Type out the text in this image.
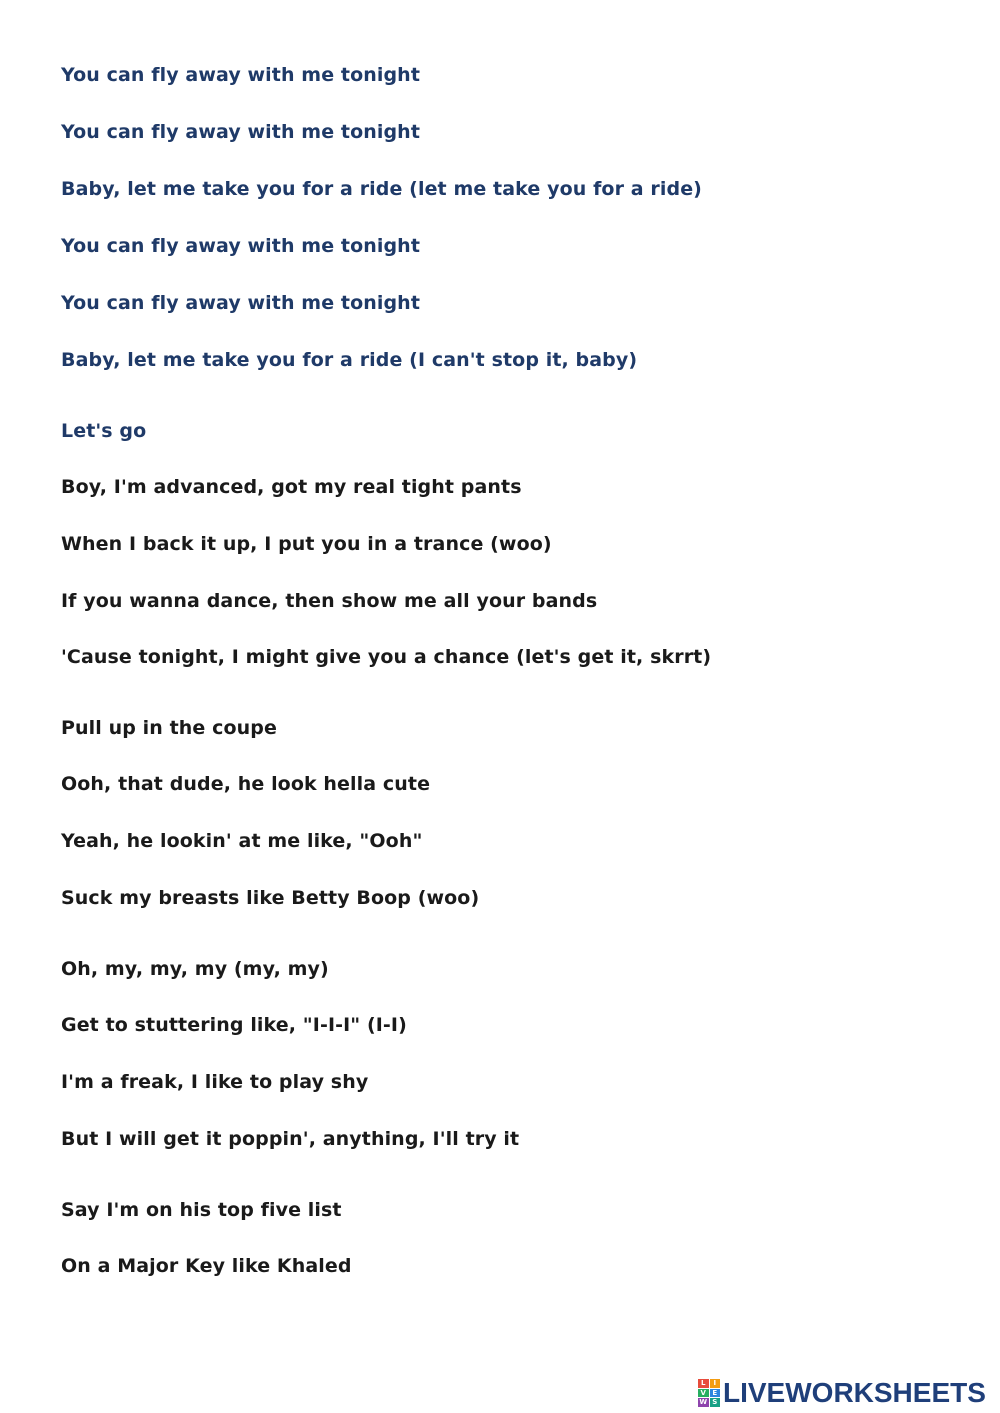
You can fly away with me tonight
You can fly away with me tonight
Baby, let me take you for a ride (let me take you for a ride)
You can fly away with me tonight
You can fly away with me tonight
Baby, let me take you for a ride (I can't stop it, baby)
Let's go
Boy, I'm advanced, got my real tight pants
When I back it up, I put you in a trance (woo)
If you wanna dance, then show me all your bands
'Cause tonight, I might give you a chance (let's get it, skrrt)
Pull up in the coupe
Ooh, that dude, he look hella cute
Yeah, he lookin' at me like, "Ooh"
Suck my breasts like Betty Boop (woo)
Oh, my, my, my (my, my)
Get to stuttering like, "I-I-I" (I-I)
I'm a freak, I like to play shy
But I will get it poppin', anything, I'll try it
Say I'm on his top five list
On a Major Key like Khaled
L	I
V E
W S LIVEWORKSHEETS
